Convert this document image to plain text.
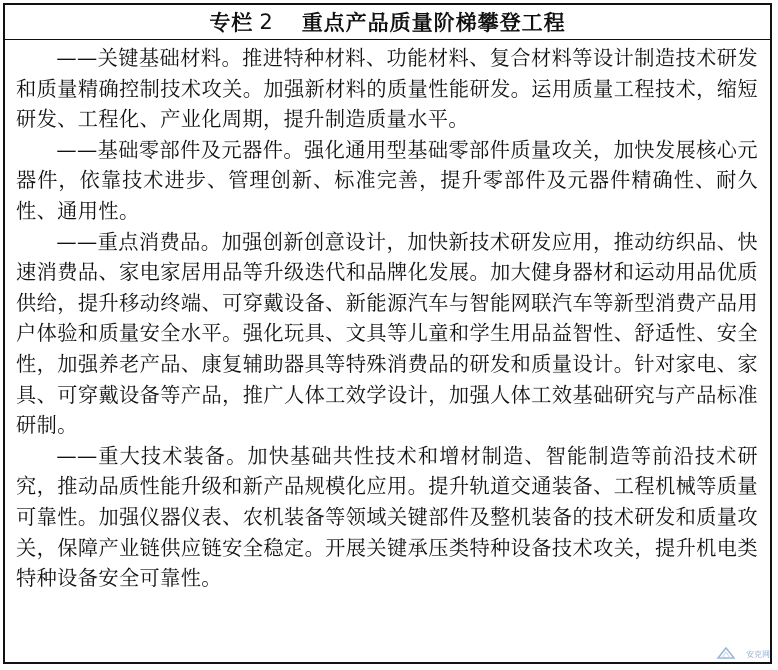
专栏 2 重点产品质量阶梯攀登工程

——关键基础材料。推进特种材料、功能材料、复合材料等设计制造技术研发和质量精确控制技术攻关。加强新材料的质量性能研发。运用质量工程技术，缩短研发、工程化、产业化周期，提升制造质量水平。

——基础零部件及元器件。强化通用型基础零部件质量攻关，加快发展核心元器件，依靠技术进步、管理创新、标准完善，提升零部件及元器件精确性、耐久性、通用性。

——重点消费品。加强创新创意设计，加快新技术研发应用，推动纺织品、快速消费品、家电家居用品等升级迭代和品牌化发展。加大健身器材和运动用品优质供给，提升移动终端、可穿戴设备、新能源汽车与智能网联汽车等新型消费产品用户体验和质量安全水平。强化玩具、文具等儿童和学生用品益智性、舒适性、安全性，加强养老产品、康复辅助器具等特殊消费品的研发和质量设计。针对家电、家具、可穿戴设备等产品，推广人体工效学设计，加强人体工效基础研究与产品标准研制。

——重大技术装备。加快基础共性技术和增材制造、智能制造等前沿技术研究，推动品质性能升级和新产品规模化应用。提升轨道交通装备、工程机械等质量可靠性。加强仪器仪表、农机装备等领域关键部件及整机装备的技术研发和质量攻关，保障产业链供应链安全稳定。开展关键承压类特种设备技术攻关，提升机电类特种设备安全可靠性。

安克网
